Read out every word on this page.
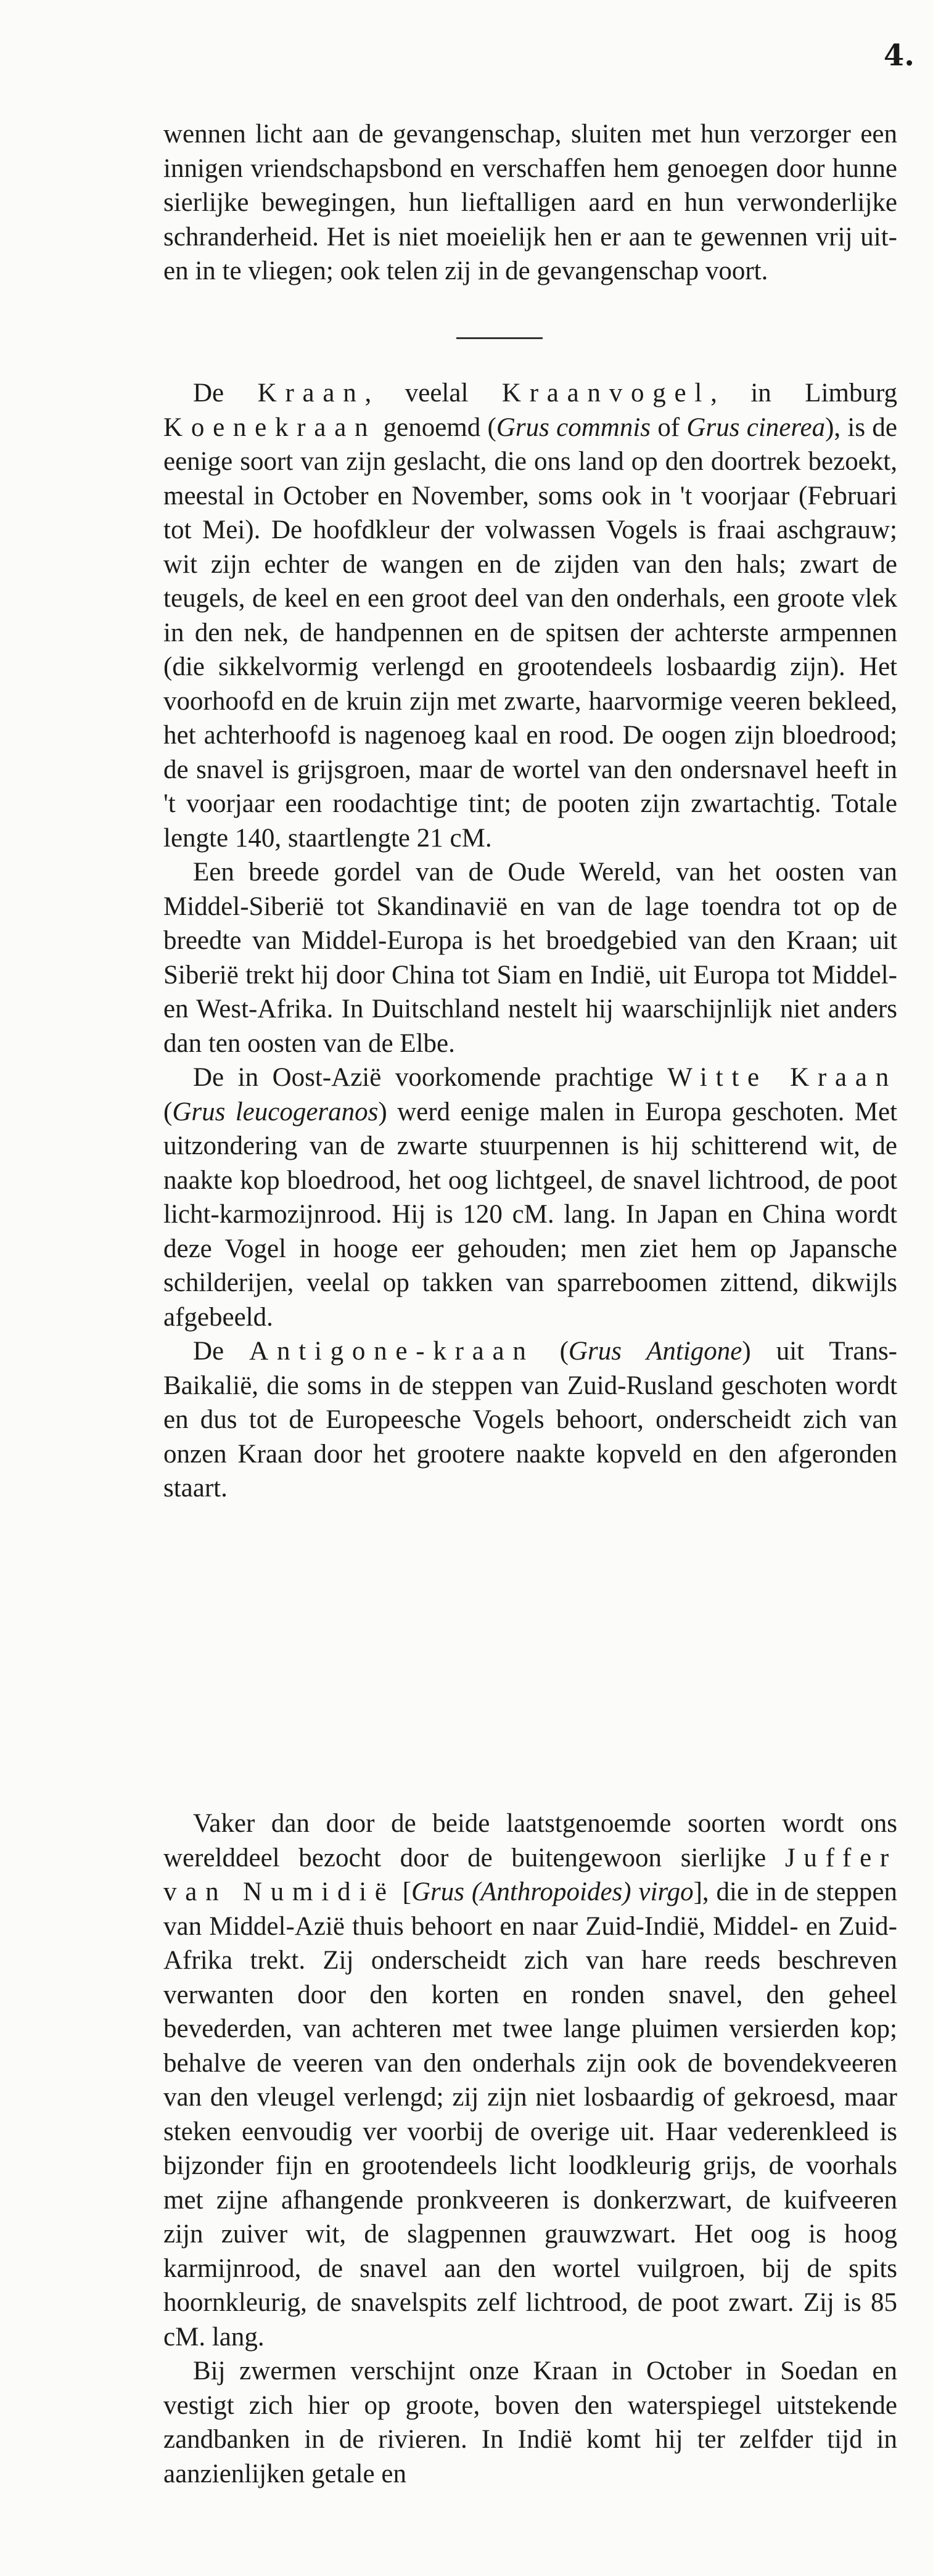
4.

wennen licht aan de gevangenschap, sluiten met hun verzorger een innigen vriendschapsbond en verschaffen hem genoegen door hunne sierlijke bewegingen, hun lieftalligen aard en hun verwonderlijke schranderheid. Het is niet moeielijk hen er aan te gewennen vrij uiten in te vliegen; ook telen zij in de gevangenschap voort.

De Kraan, veelal Kraanvogel, in Limburg Koenekraan genoemd (Grus commnis of Grus cinerea), is de eenige soort van zijn geslacht, die ons land op den doortrek bezoekt, meestal in October en November, soms ook in 't voorjaar (Februari tot Mei). De hoofdkleur der volwassen Vogels is fraai aschgrauw; wit zijn echter de wangen en de zijden van den hals; zwart de teugels, de keel en een groot deel van den onderhals, een groote vlek in den nek, de handpennen en de spitsen der achterste armpennen (die sikkelvormig verlengd en grootendeels losbaardig zijn). Het voorhoofd en de kruin zijn met zwarte, haarvormige veeren bekleed, het achterhoofd is nagenoeg kaal en rood. De oogen zijn bloedrood; de snavel is grijsgroen, maar de wortel van den ondersnavel heeft in 't voorjaar een roodachtige tint; de pooten zijn zwartachtig. Totale lengte 140, staartlengte 21 cM.

Een breede gordel van de Oude Wereld, van het oosten van Middel-Siberië tot Skandinavië en van de lage toendra tot op de breedte van Middel-Europa is het broedgebied van den Kraan; uit Siberië trekt hij door China tot Siam en Indië, uit Europa tot Middelen West-Afrika. In Duitschland nestelt hij waarschijnlijk niet anders dan ten oosten van de Elbe.

De in Oost-Azië voorkomende prachtige Witte Kraan (Grus leucogeranos) werd eenige malen in Europa geschoten. Met uitzondering van de zwarte stuurpennen is hij schitterend wit, de naakte kop bloedrood, het oog lichtgeel, de snavel lichtrood, de poot licht-karmozijnrood. Hij is 120 cM. lang. In Japan en China wordt deze Vogel in hooge eer gehouden; men ziet hem op Japansche schilderijen, veelal op takken van sparreboomen zittend, dikwijls afgebeeld.

De Antigone-kraan (Grus Antigone) uit Trans-Baikalië, die soms in de steppen van Zuid-Rusland geschoten wordt en dus tot de Europeesche Vogels behoort, onderscheidt zich van onzen Kraan door het grootere naakte kopveld en den afgeronden staart.

Vaker dan door de beide laatstgenoemde soorten wordt ons werelddeel bezocht door de buitengewoon sierlijke Juffer van Numidië [Grus (Anthropoides) virgo], die in de steppen van Middel-Azië thuis behoort en naar Zuid-Indië, Middel- en Zuid-Afrika trekt. Zij onderscheidt zich van hare reeds beschreven verwanten door den korten en ronden snavel, den geheel bevederden, van achteren met twee lange pluimen versierden kop; behalve de veeren van den onderhals zijn ook de bovendekveeren van den vleugel verlengd; zij zijn niet losbaardig of gekroesd, maar steken eenvoudig ver voorbij de overige uit. Haar vederenkleed is bijzonder fijn en grootendeels licht loodkleurig grijs, de voorhals met zijne afhangende pronkveeren is donkerzwart, de kuifveeren zijn zuiver wit, de slagpennen grauwzwart. Het oog is hoog karmijnrood, de snavel aan den wortel vuilgroen, bij de spits hoornkleurig, de snavelspits zelf lichtrood, de poot zwart. Zij is 85 cM. lang.

Bij zwermen verschijnt onze Kraan in October in Soedan en vestigt zich hier op groote, boven den waterspiegel uitstekende zandbanken in de rivieren. In Indië komt hij ter zelfder tijd in aanzienlijken getale en
